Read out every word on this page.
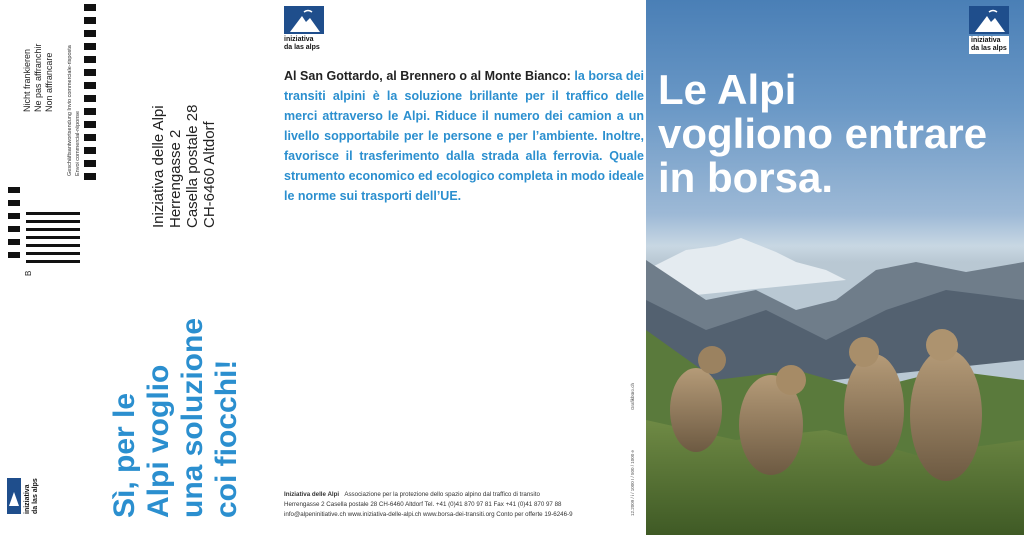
Nicht frankieren Ne pas affranchir Non affrancare Geschäftsantwortsendung Invio commerciale-risposta Envoi commercial-réponse
B
Sì, per le Alpi voglio una soluzione coi fiocchi!
iniziativa da las alps
Iniziativa delle Alpi Herrengasse 2 Casella postale 28 CH-6460 Altdorf
iniziativa
da las alps

Al San Gottardo, al Brennero o al Monte Bianco: la borsa dei transiti alpini è la soluzione brillante per il traffico delle merci attraverso le Alpi. Riduce il numero dei camion a un livello sopportabile per le persone e per l’ambiente. Inoltre, favorisce il trasferimento dalla strada alla ferrovia. Quale strumento economico ed ecologico completa in modo ideale le norme sui trasporti dell’UE.

Iniziativa delle Alpi Associazione per la protezione dello spazio alpino dal traffico di transito
Herrengasse 2 Casella postale 28 CH-6460 Altdorf Tel. +41 (0)41 870 97 81 Fax +41 (0)41 870 97 88
info@alpeninitiative.ch www.iniziativa-delle-alpi.ch www.borsa-dei-transiti.org Conto per offerte 19-6246-9	12.2009 / i / 1000 I / 500 / 1000 e
Grafikbüro.ch
Le Alpi
vogliono entrare
in borsa.
iniziativa
da las alps
